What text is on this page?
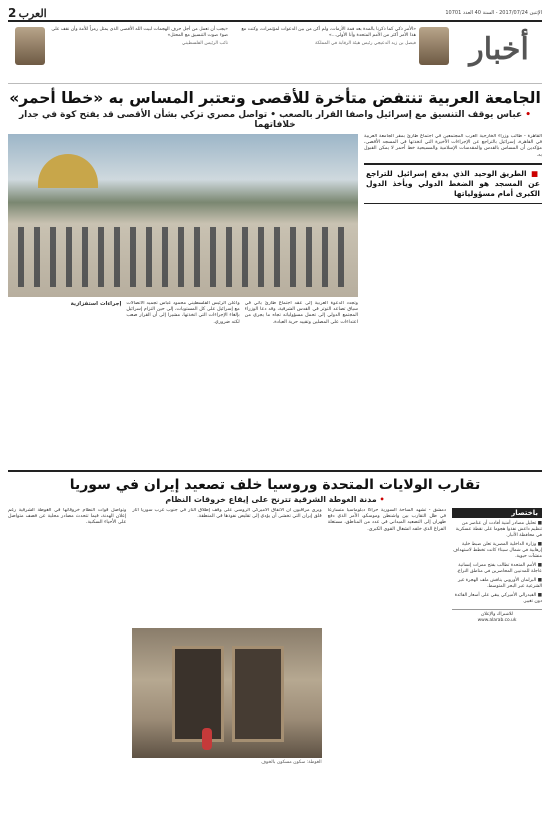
الإثنين 2017/07/24 - السنة 40 العدد 10701
العرب 2
أخبار
«الأمر ذكي كما ذكرنا بالمدة بعد قمة الأزمات، ولم أكن من بين الدعوات لمؤتمرات، وكنت مع هذا الأمر أكثر من الأمم المتحدة وأنا الأولى...»
فيصل بن زيد الدعيجي رئيس هيئة الرقابة في المملكة
«يجب أن تعمل من أجل حرف الهجمات لبيت الله الأقصى الذي يمثل رمزاً للأمة وأن نقف على ضوء صوت التنسيق مع المحتل»
نائب الرئيس الفلسطيني
الجامعة العربية تنتفض متأخرة للأقصى وتعتبر المساس به «خطا أحمر»
• عباس يوقف التنسيق مع إسرائيل واصفا القرار بالصعب • تواصل مصري تركي بشأن الأقصى قد يفتح كوة في جدار خلافاتهما
القاهرة - طالب وزراء الخارجية العرب المجتمعين في اجتماع طارئ بمقر الجامعة العربية في القاهرة، إسرائيل بالتراجع عن الإجراءات الأخيرة التي اتخذتها في المسجد الأقصى، مؤكدين أن المساس بالقدس والمقدسات الإسلامية والمسيحية خط أحمر لا يمكن القبول به.
■ الطريق الوحيد الذي يدفع إسرائيل للتراجع عن المسجد هو الضغط الدولي ويأخذ الدول الكبرى أمام مسؤولياتها
وتجدد الدعوة العربية إلى عقد اجتماع طارئ يأتي في سياق تصاعد التوتر في القدس الشرقية، وقد دعا الوزراء المجتمع الدولي إلى تحمل مسؤولياته تجاه ما يجري من اعتداءات على المصلين وتقييد حرية العبادة.
وأعلن الرئيس الفلسطيني محمود عباس تجميد الاتصالات مع إسرائيل على كل المستويات، إلى حين التزام إسرائيل بإلغاء الإجراءات التي اتخذتها، مشيرا إلى أن القرار صعب لكنه ضروري.
إجراءات استفزازية
تقارب الولايات المتحدة وروسيا خلف تصعيد إيران في سوريا
• مدنة الغوطة الشرقية تترنح على إيقاع خروقات النظام
باختصار

■ تحليل مصادر أمنية أفادت أن عناصر من تنظيم داعش نفذوا هجوما على نقطة عسكرية في محافظة الأنبار.

■ وزارة الداخلية المصرية تعلن ضبط خلية إرهابية في شمال سيناء كانت تخطط لاستهداف منشآت حيوية.

■ الأمم المتحدة تطالب بفتح ممرات إنسانية عاجلة للمدنيين المحاصرين في مناطق النزاع.

■ البرلمان الأوروبي يناقش ملف الهجرة غير الشرعية عبر البحر المتوسط.

■ الفيدرالي الأميركي يبقي على أسعار الفائدة دون تغيير.

للاشتراك والإعلان
www.alarab.co.uk
دمشق - تشهد الساحة السورية حراكا دبلوماسيا متسارعا في ظل التقارب بين واشنطن وموسكو، الأمر الذي دفع طهران إلى التصعيد الميداني في عدد من المناطق، مستغلة الفراغ الذي خلفه انشغال القوى الكبرى.
ويرى مراقبون أن الاتفاق الأميركي الروسي على وقف إطلاق النار في جنوب غرب سوريا أثار قلق إيران التي تخشى أن يؤدي إلى تقليص نفوذها في المنطقة.
الغوطة: سكون مسكون بالخوف
وتواصل قوات النظام خروقاتها في الغوطة الشرقية رغم إعلان الهدنة، فيما تتحدث مصادر محلية عن قصف متواصل على الأحياء السكنية.
